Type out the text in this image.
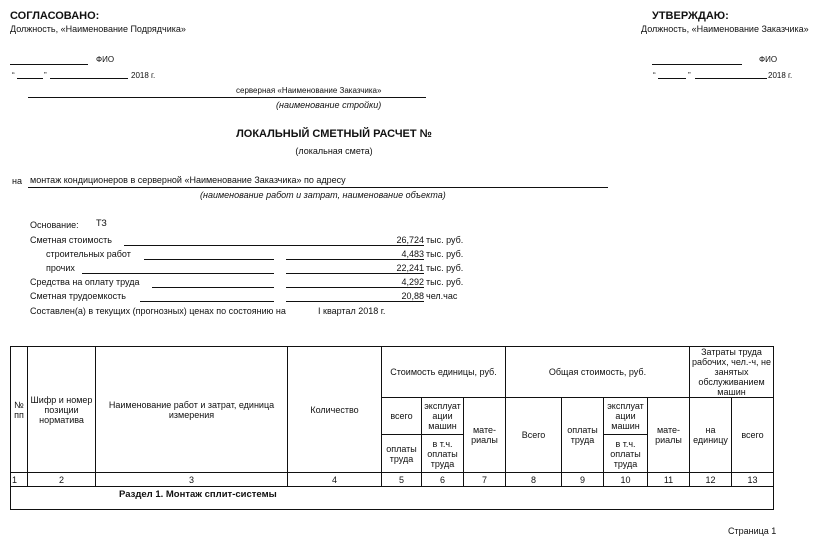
СОГЛАСОВАНО:
Должность, «Наименование Подрядчика»
ФИО
“	”	2018 г.
УТВЕРЖДАЮ:
Должность, «Наименование Заказчика»
ФИО
“	”	2018 г.
серверная «Наименование Заказчика»
(наименование стройки)
ЛОКАЛЬНЫЙ СМЕТНЫЙ РАСЧЕТ №
(локальная смета)
на монтаж кондиционеров в серверной «Наименование Заказчика» по адресу
(наименование работ и затрат, наименование объекта)
Основание: ТЗ
Сметная стоимость	26,724 тыс. руб.
строительных работ	4,483 тыс. руб.
прочих	22,241 тыс. руб.
Средства на оплату труда	4,292 тыс. руб.
Сметная трудоемкость	20,88 чел.час
Составлен(а) в текущих (прогнозных) ценах по состоянию на	I квартал 2018 г.
№ пп	Шифр и номер позиции норматива	Наименование работ и затрат, единица измерения	Количество	Стоимость единицы, руб.			Общая стоимость, руб.				Затраты труда рабочих, чел.-ч, не занятых обслуживанием машин	
				всего	эксплуат ации машин	мате-риалы	Всего	оплаты труда	эксплуат ации машин	мате-риалы	на единицу	всего
				оплаты труда	в т.ч. оплаты труда				в т.ч. оплаты труда			
1	2	3	4	5	6	7	8	9	10	11	12	13
Раздел 1. Монтаж сплит-системы												
Страница 1
